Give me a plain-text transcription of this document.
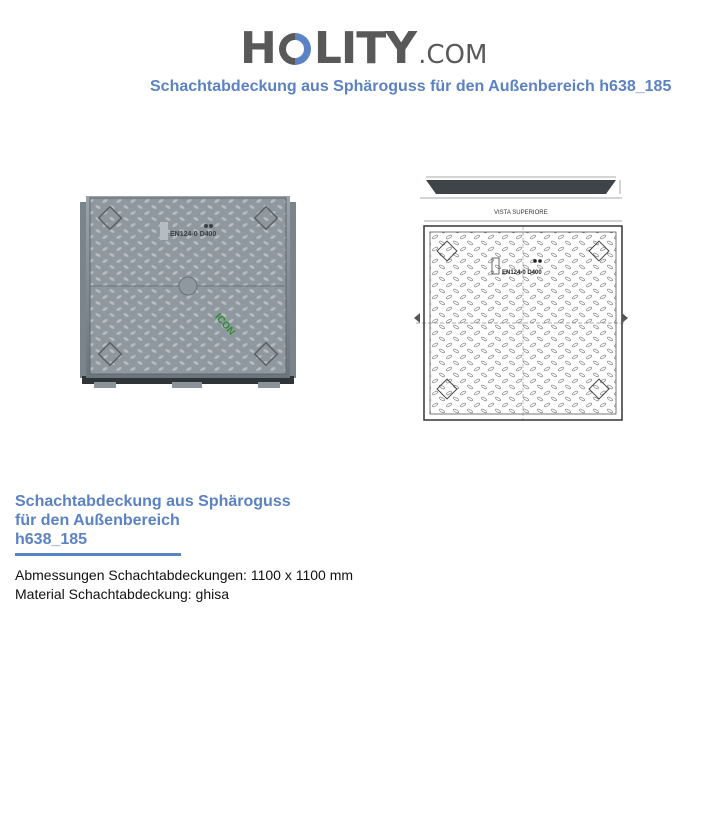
H LITY .COM
Schachtabdeckung aus Sphäroguss für den Außenbereich h638_185
EN124-0 D400
ICON
VISTA SUPERIORE
EN124-0 D400
Schachtabdeckung aus Sphäroguss
für den Außenbereich
h638_185
Abmessungen Schachtabdeckungen: 1100 x 1100 mm
Material Schachtabdeckung: ghisa
